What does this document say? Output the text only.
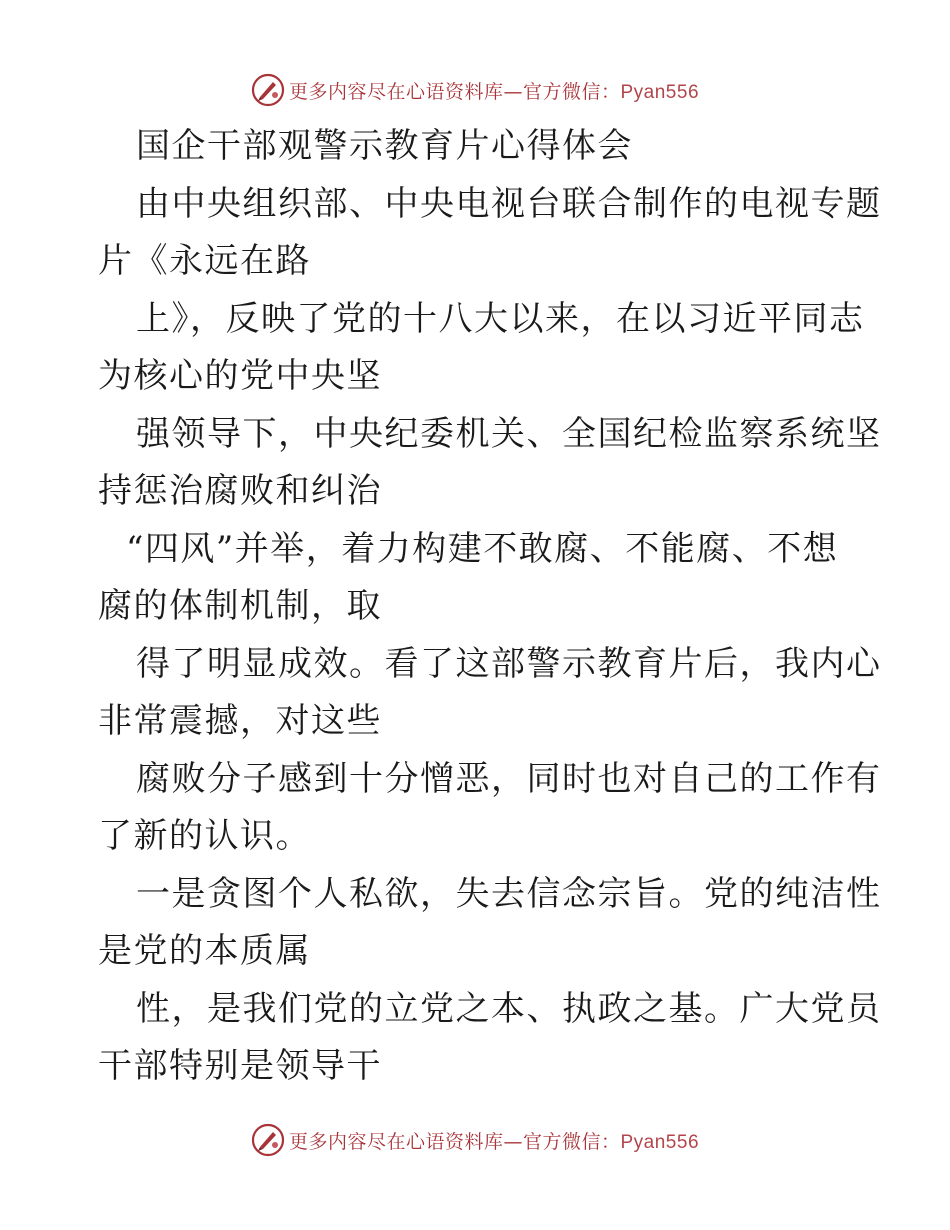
更多内容尽在心语资料库—官方微信：Pyan556
国企干部观警示教育片心得体会
由中央组织部、中央电视台联合制作的电视专题
片《永远在路
上》，反映了党的十八大以来，在以习近平同志
为核心的党中央坚
强领导下，中央纪委机关、全国纪检监察系统坚
持惩治腐败和纠治
“四风”并举，着力构建不敢腐、不能腐、不想
腐的体制机制，取
得了明显成效。看了这部警示教育片后，我内心
非常震撼，对这些
腐败分子感到十分憎恶，同时也对自己的工作有
了新的认识。
一是贪图个人私欲，失去信念宗旨。党的纯洁性
是党的本质属
性，是我们党的立党之本、执政之基。广大党员
干部特别是领导干
更多内容尽在心语资料库—官方微信：Pyan556
